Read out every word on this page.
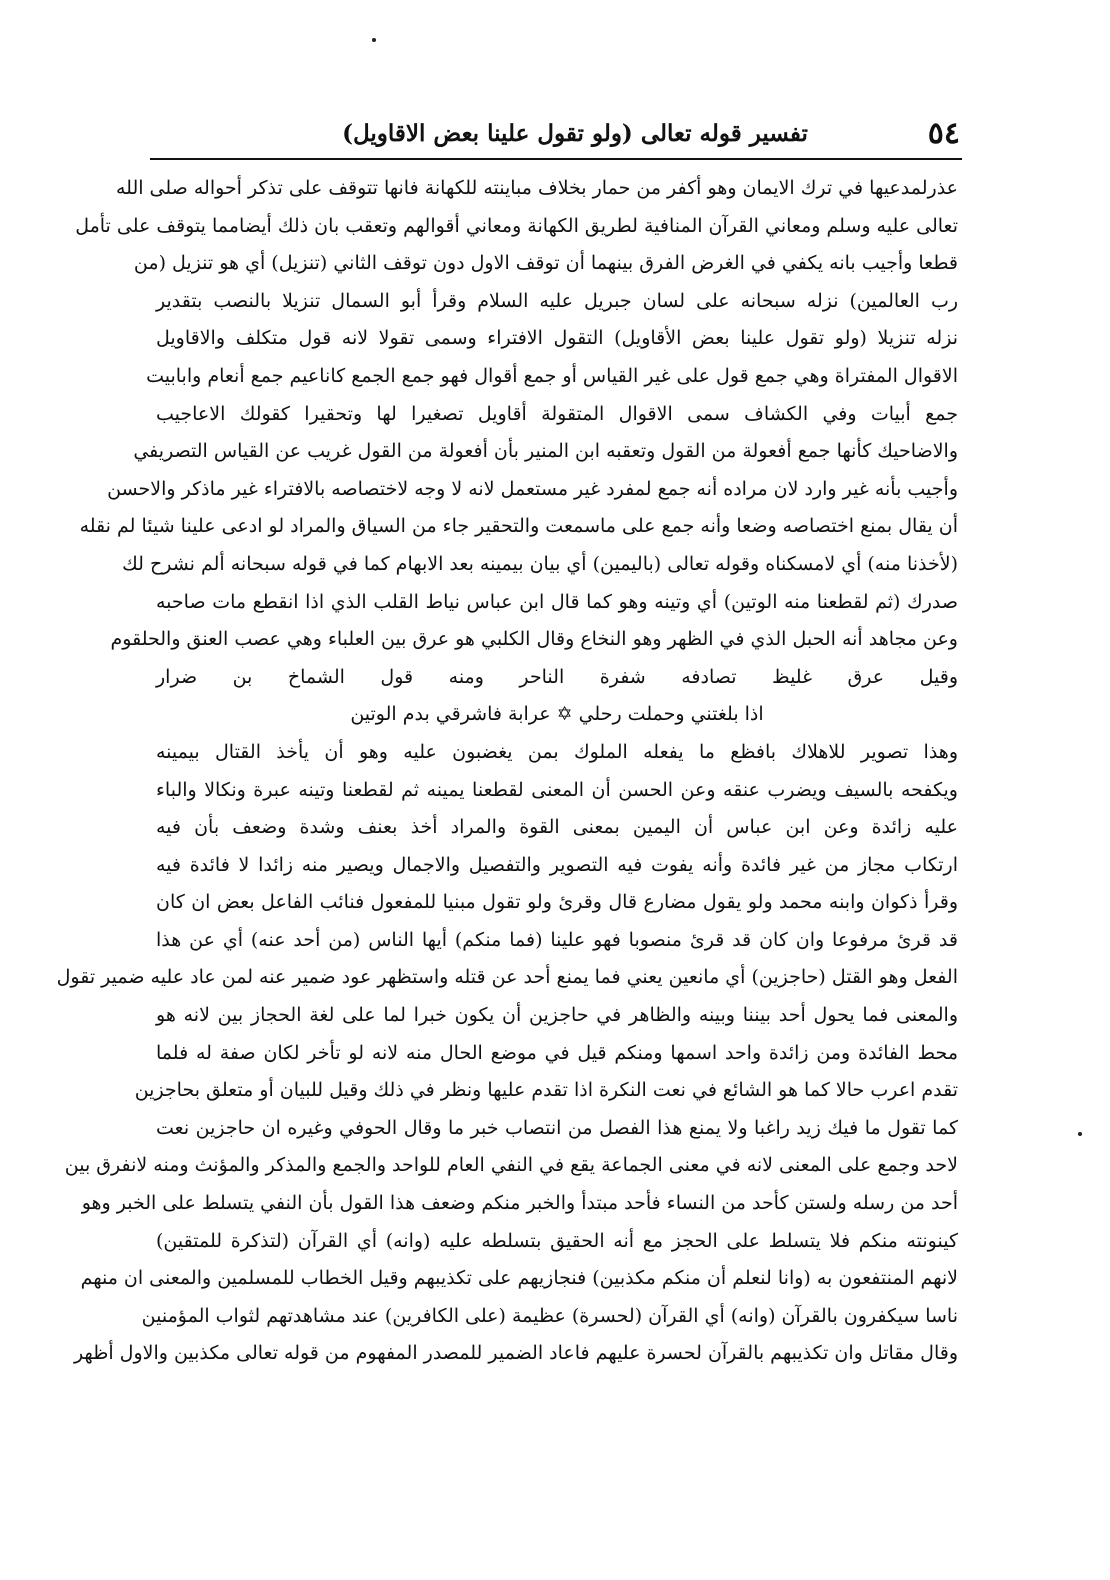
٥٤
تفسير قوله تعالى (ولو تقول علينا بعض الاقاويل)
عذرلمدعيها في ترك الايمان وهو أكفر من حمار بخلاف مباينته للكهانة فانها تتوقف على تذكر أحواله صلى الله
تعالى عليه وسلم ومعاني القرآن المنافية لطريق الكهانة ومعاني أقوالهم وتعقب بان ذلك أيضامما يتوقف على تأمل
قطعا وأجيب بانه يكفي في الغرض الفرق بينهما أن توقف الاول دون توقف الثاني (تنزيل) أي هو تنزيل (من
رب العالمين) نزله سبحانه على لسان جبريل عليه السلام وقرأ أبو السمال تنزيلا بالنصب بتقدير
نزله تنزيلا (ولو تقول علينا بعض الأقاويل) التقول الافتراء وسمى تقولا لانه قول متكلف والاقاويل
الاقوال المفتراة وهي جمع قول على غير القياس أو جمع أقوال فهو جمع الجمع كاناعيم جمع أنعام وابابيت
جمع أبيات وفي الكشاف سمى الاقوال المتقولة أقاويل تصغيرا لها وتحقيرا كقولك الاعاجيب
والاضاحيك كأنها جمع أفعولة من القول وتعقبه ابن المنير بأن أفعولة من القول غريب عن القياس التصريفي
وأجيب بأنه غير وارد لان مراده أنه جمع لمفرد غير مستعمل لانه لا وجه لاختصاصه بالافتراء غير ماذكر والاحسن
أن يقال بمنع اختصاصه وضعا وأنه جمع على ماسمعت والتحقير جاء من السياق والمراد لو ادعى علينا شيئا لم نقله
(لأخذنا منه) أي لامسكناه وقوله تعالى (باليمين) أي بيان بيمينه بعد الابهام كما في قوله سبحانه ألم نشرح لك
صدرك (ثم لقطعنا منه الوتين) أي وتينه وهو كما قال ابن عباس نياط القلب الذي اذا انقطع مات صاحبه
وعن مجاهد أنه الحبل الذي في الظهر وهو النخاع وقال الكلبي هو عرق بين العلباء وهي عصب العنق والحلقوم
وقيل عرق غليظ تصادفه شفرة الناحر ومنه قول الشماخ بن ضرار
اذا بلغتني وحملت رحلي ✡ عرابة فاشرقي بدم الوتين
وهذا تصوير للاهلاك بافظع ما يفعله الملوك بمن يغضبون عليه وهو أن يأخذ القتال بيمينه
ويكفحه بالسيف ويضرب عنقه وعن الحسن أن المعنى لقطعنا يمينه ثم لقطعنا وتينه عبرة ونكالا والباء
عليه زائدة وعن ابن عباس أن اليمين بمعنى القوة والمراد أخذ بعنف وشدة وضعف بأن فيه
ارتكاب مجاز من غير فائدة وأنه يفوت فيه التصوير والتفصيل والاجمال ويصير منه زائدا لا فائدة فيه
وقرأ ذكوان وابنه محمد ولو يقول مضارع قال وقرئ ولو تقول مبنيا للمفعول فنائب الفاعل بعض ان كان
قد قرئ مرفوعا وان كان قد قرئ منصوبا فهو علينا (فما منكم) أيها الناس (من أحد عنه) أي عن هذا
الفعل وهو القتل (حاجزين) أي مانعين يعني فما يمنع أحد عن قتله واستظهر عود ضمير عنه لمن عاد عليه ضمير تقول
والمعنى فما يحول أحد بيننا وبينه والظاهر في حاجزين أن يكون خبرا لما على لغة الحجاز بين لانه هو
محط الفائدة ومن زائدة واحد اسمها ومنكم قيل في موضع الحال منه لانه لو تأخر لكان صفة له فلما
تقدم اعرب حالا كما هو الشائع في نعت النكرة اذا تقدم عليها ونظر في ذلك وقيل للبيان أو متعلق بحاجزين
كما تقول ما فيك زيد راغبا ولا يمنع هذا الفصل من انتصاب خبر ما وقال الحوفي وغيره ان حاجزين نعت
لاحد وجمع على المعنى لانه في معنى الجماعة يقع في النفي العام للواحد والجمع والمذكر والمؤنث ومنه لانفرق بين
أحد من رسله ولستن كأحد من النساء فأحد مبتدأ والخبر منكم وضعف هذا القول بأن النفي يتسلط على الخبر وهو
كينونته منكم فلا يتسلط على الحجز مع أنه الحقيق بتسلطه عليه (وانه) أي القرآن (لتذكرة للمتقين)
لانهم المنتفعون به (وانا لنعلم أن منكم مكذبين) فنجازيهم على تكذيبهم وقيل الخطاب للمسلمين والمعنى ان منهم
ناسا سيكفرون بالقرآن (وانه) أي القرآن (لحسرة) عظيمة (على الكافرين) عند مشاهدتهم لثواب المؤمنين
وقال مقاتل وان تكذيبهم بالقرآن لحسرة عليهم فاعاد الضمير للمصدر المفهوم من قوله تعالى مكذبين والاول أظهر
